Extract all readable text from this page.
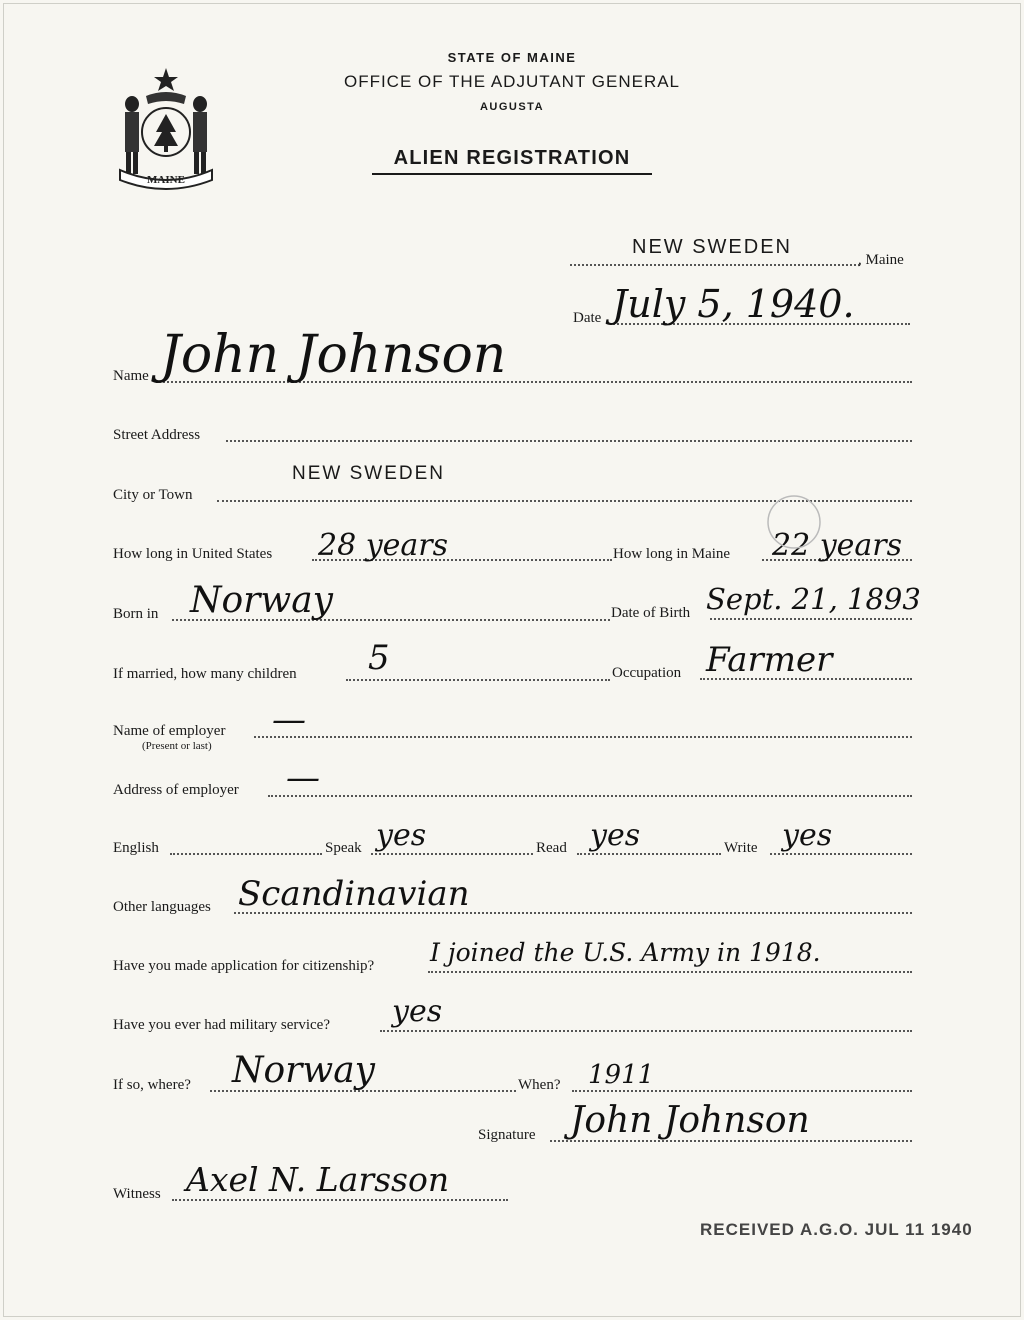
MAINE
STATE OF MAINE
OFFICE OF THE ADJUTANT GENERAL
AUGUSTA
ALIEN REGISTRATION
NEW SWEDEN
, Maine
Date July 5, 1940.
Name John Johnson
Street Address
NEW SWEDEN
City or Town
How long in United States 28 years	How long in Maine 22 years
Born in Norway	Date of Birth Sept. 21, 1893
If married, how many children 5	Occupation Farmer
Name of employer
(Present or last)
—
Address of employer —
English	Speak yes	Read yes	Write yes
Other languages Scandinavian
Have you made application for citizenship? I joined the U.S. Army in 1918.
Have you ever had military service? yes
If so, where? Norway	When? 1911
Signature John Johnson
Witness Axel N. Larsson
RECEIVED A.G.O. JUL 11 1940
